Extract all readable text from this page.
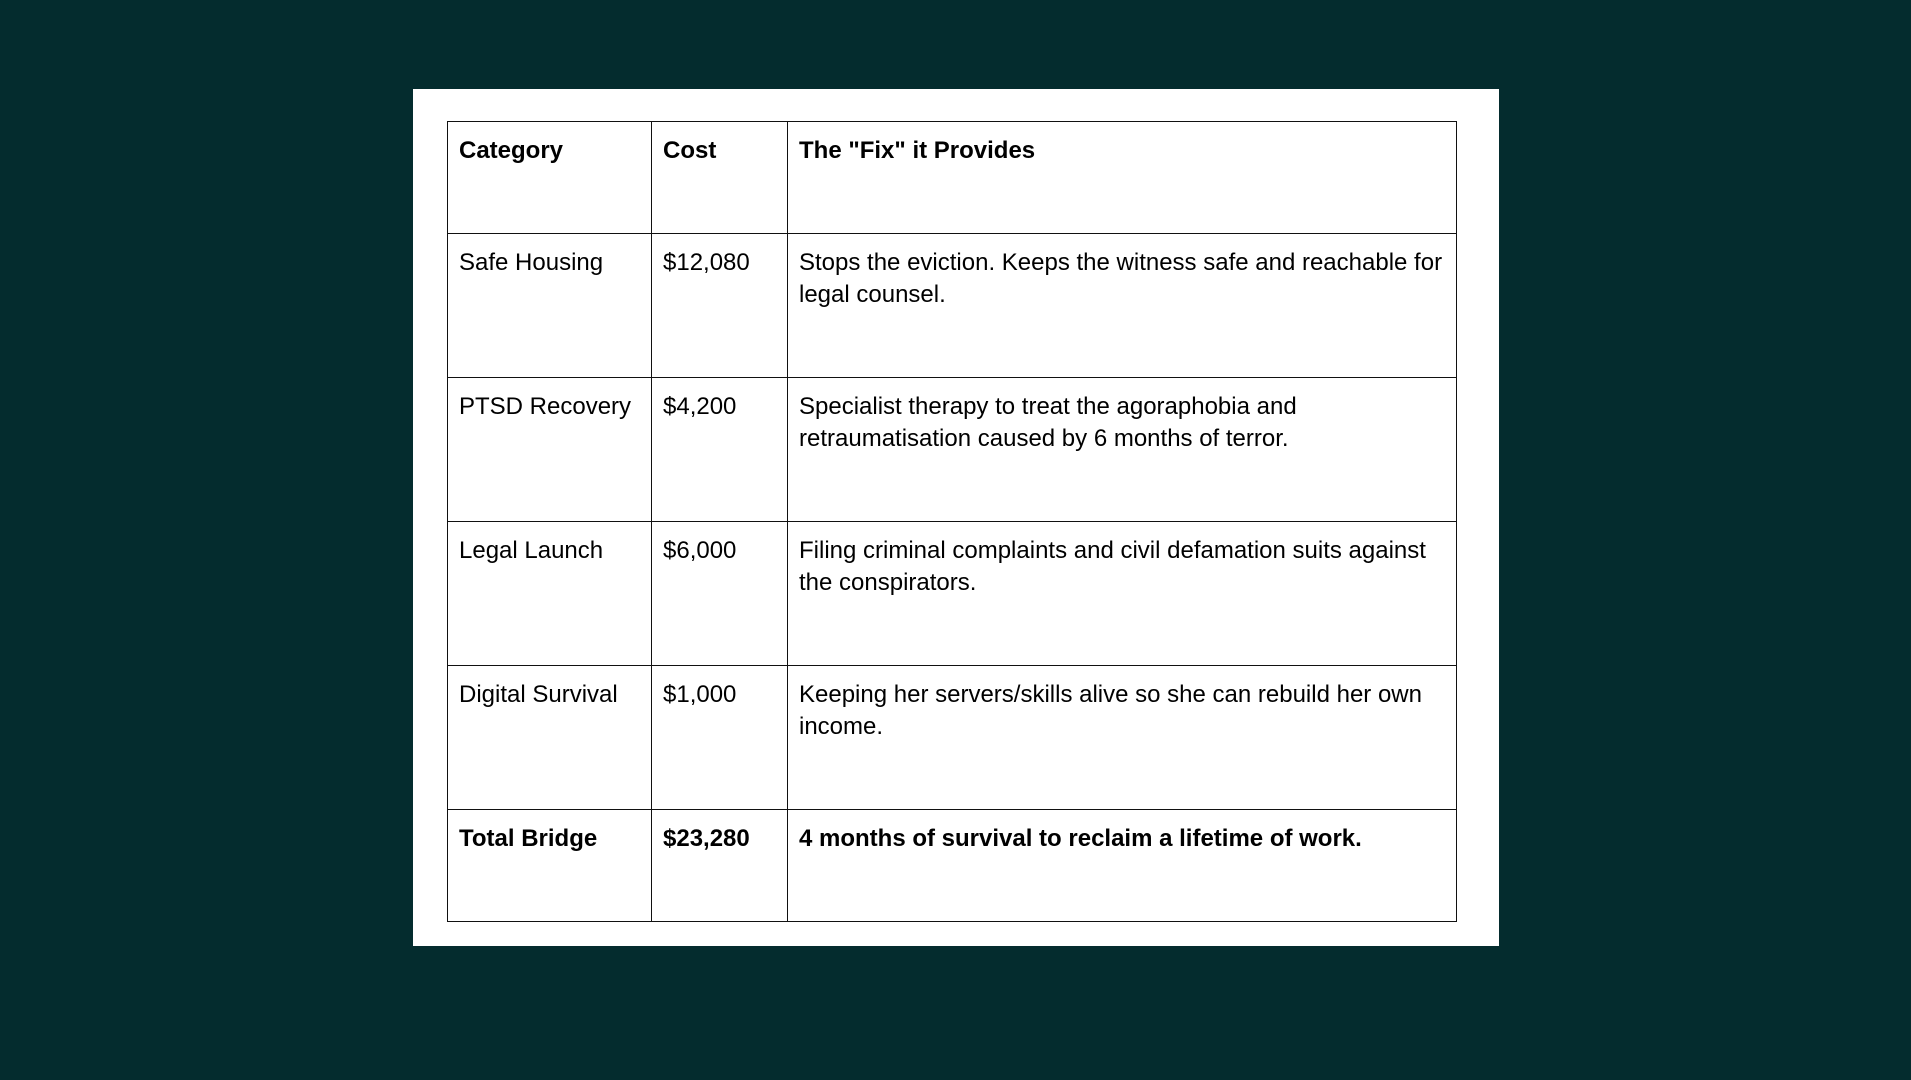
Category	Cost	The "Fix" it Provides
Safe Housing	$12,080	Stops the eviction. Keeps the witness safe and reachable for legal counsel.
PTSD Recovery	$4,200	Specialist therapy to treat the agoraphobia and retraumatisation caused by 6 months of terror.
Legal Launch	$6,000	Filing criminal complaints and civil defamation suits against the conspirators.
Digital Survival	$1,000	Keeping her servers/skills alive so she can rebuild her own income.
Total Bridge	$23,280	4 months of survival to reclaim a lifetime of work.
